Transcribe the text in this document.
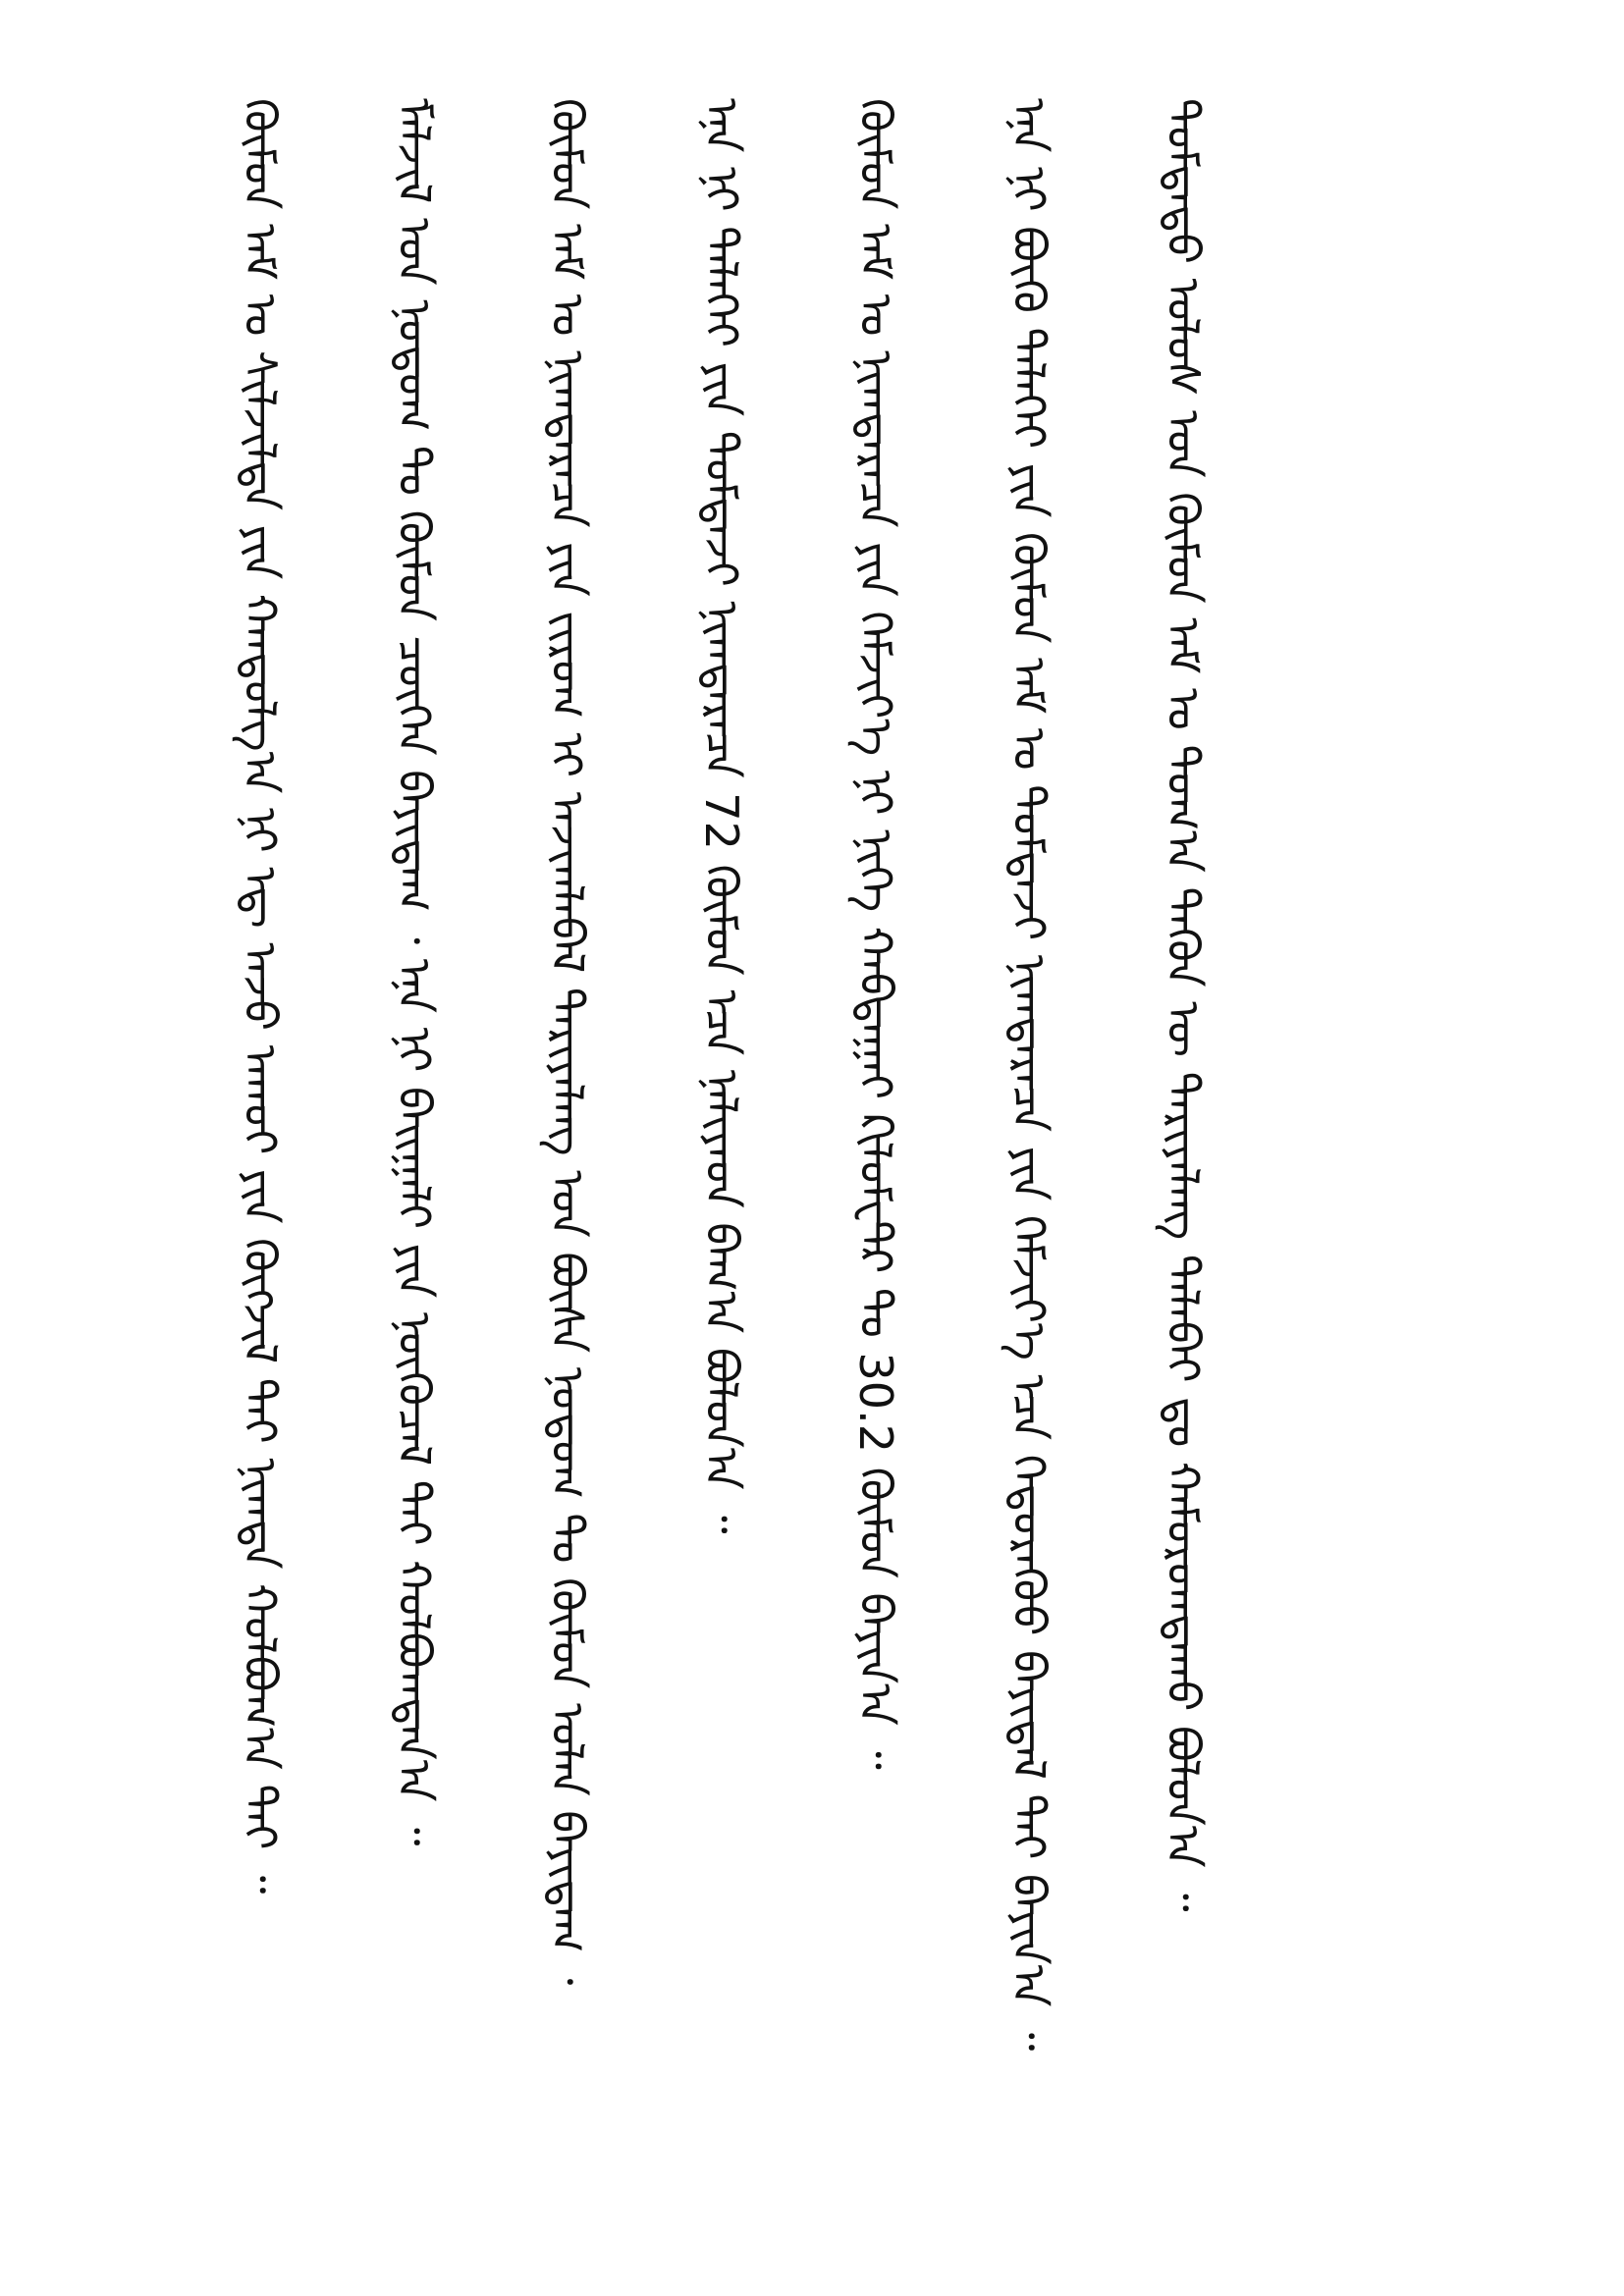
ᠳᠤᠮᠳᠠᠳᠤ ᠤᠯᠤᠰ ᠤᠨ ᠬᠦᠮᠦᠨ ᠠᠮ ᠤ ᠲᠣᠭ᠎ᠠ ᠲᠡᠭᠦᠨ ᠦ ᠲᠠᠷᠢᠶᠠᠯᠠᠩ ᠲᠠᠯᠠᠪᠠᠢ ᠳᠤ ᠬᠠᠮᠤᠷᠤᠭᠳᠠᠬᠤ ᠪᠣᠯᠤᠨ᠎ᠠ ᠃
ᠡᠨᠡ ᠨᠢ ᠪᠦᠬᠦ ᠳᠡᠯᠡᠬᠡᠢ ᠶᠢᠨ ᠬᠦᠮᠦᠨ ᠠᠮ ᠤ ᠳᠤᠮᠳᠠᠵᠢ ᠨᠢᠭᠲᠠᠷᠠᠴᠠ ᠶᠢᠨ ᠬᠡᠮᠵᠢᠶ᠎ᠡ ᠡᠴᠡ ᠬᠡᠲᠦᠷᠡᠭᠦᠦ ᠪᠠᠶᠢᠳᠠᠯ ᠲᠠᠢ ᠪᠠᠶᠢᠨ᠎ᠠ ᠃
ᠬᠦᠮᠦᠨ ᠠᠮ ᠤ ᠨᠢᠭᠲᠠᠷᠠᠴᠠ ᠶᠢᠨ ᠬᠡᠮᠵᠢᠶ᠎ᠡ ᠨᠢ ᠨᠢᠭᠡ ᠬᠠᠪᠲᠠᠭᠠᠢ ᠺᠢᠯᠣᠮᠧᠲ᠋ᠷ ᠲᠤ 30.2 ᠬᠦᠮᠦᠨ ᠪᠠᠶᠢᠨ᠎ᠠ ᠃
ᠡᠨᠡ ᠨᠢ ᠳᠡᠯᠡᠬᠡᠢ ᠶᠢᠨ ᠳᠤᠮᠳᠠᠵᠢ ᠨᠢᠭᠲᠠᠷᠠᠴᠠ 72 ᠬᠦᠮᠦᠨ ᠡᠴᠡ ᠨᠡᠯᠢᠶᠡᠳ ᠪᠠᠭ᠎ᠠ ᠪᠣᠯᠤᠨ᠎ᠠ ᠃
ᠬᠦᠮᠦᠨ ᠠᠮ ᠤ ᠨᠢᠭᠲᠠᠷᠠᠴᠠ ᠶᠢᠨ ᠵᠢᠷᠤᠭ ᠢ ᠠᠵᠢᠭᠯᠠᠪᠠᠯ ᠲᠠᠷᠢᠶᠠᠯᠠᠩ ᠤᠨ ᠪᠦᠰᠡ ᠨᠤᠲᠤᠭ ᠲᠤ ᠬᠦᠮᠦᠨ ᠣᠯᠠᠨ ᠪᠠᠶᠢᠳᠠᠭ ᠂
ᠮᠠᠯᠵᠢᠯ ᠤᠨ ᠨᠤᠲᠤᠭ ᠲᠤ ᠬᠦᠮᠦᠨ ᠴᠥᠭᠡᠨ ᠪᠠᠶᠢᠳᠠᠭ ᠂ ᠡᠨᠡ ᠨᠢ ᠪᠠᠢᠭᠠᠯᠢ ᠶᠢᠨ ᠨᠥᠬᠦᠴᠡᠯ ᠲᠡᠢ ᠬᠣᠯᠪᠣᠭᠳᠠᠨ᠎ᠠ ᠃
ᠬᠦᠮᠦᠨ ᠠᠮ ᠤ ᠰᠢᠯᠵᠢᠯᠲᠡ ᠶᠢᠨ ᠬᠠᠨᠳᠤᠯᠭ᠎ᠠ ᠨᠢ ᠡᠳ᠋ ᠠᠵᠤ ᠠᠬᠤᠢ ᠶᠢᠨ ᠬᠥᠭᠵᠢᠯ ᠲᠡᠢ ᠨᠢᠭᠲᠠ ᠬᠣᠯᠪᠣᠭ᠎ᠠ ᠲᠠᠢ ᠃
